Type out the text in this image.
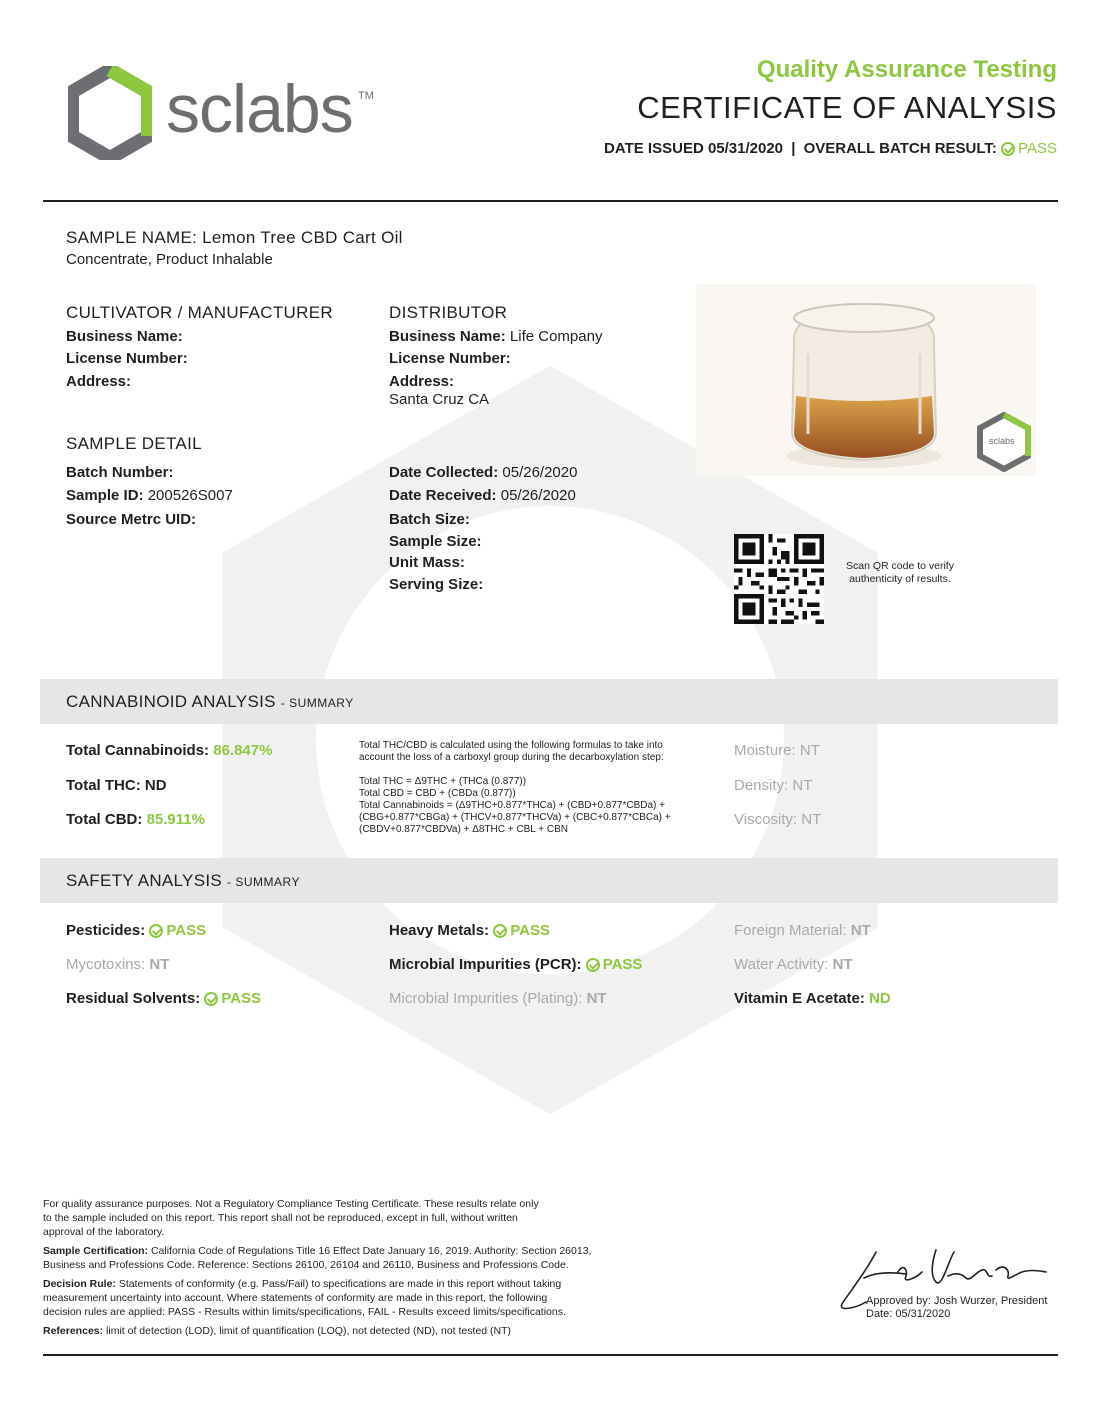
sclabs TM
Quality Assurance Testing
CERTIFICATE OF ANALYSIS
DATE ISSUED 05/31/2020 | OVERALL BATCH RESULT: PASS
SAMPLE NAME: Lemon Tree CBD Cart Oil
Concentrate, Product Inhalable
CULTIVATOR / MANUFACTURER
Business Name:
License Number:
Address:
DISTRIBUTOR
Business Name: Life Company
License Number:
Address:
Santa Cruz CA
sclabs
SAMPLE DETAIL
Batch Number:
Sample ID: 200526S007
Source Metrc UID:
Date Collected: 05/26/2020
Date Received: 05/26/2020
Batch Size:
Sample Size:
Unit Mass:
Serving Size:
Scan QR code to verify
authenticity of results.
CANNABINOID ANALYSIS - SUMMARY
Total Cannabinoids: 86.847%
Total THC: ND
Total CBD: 85.911%
Total THC/CBD is calculated using the following formulas to take into
account the loss of a carboxyl group during the decarboxylation step:
Total THC = Δ9THC + (THCa (0.877))
Total CBD = CBD + (CBDa (0.877))
Total Cannabinoids = (Δ9THC+0.877*THCa) + (CBD+0.877*CBDa) +
(CBG+0.877*CBGa) + (THCV+0.877*THCVa) + (CBC+0.877*CBCa) +
(CBDV+0.877*CBDVa) + Δ8THC + CBL + CBN
Moisture: NT
Density: NT
Viscosity: NT
SAFETY ANALYSIS - SUMMARY
Pesticides: PASS
Mycotoxins: NT
Residual Solvents: PASS
Heavy Metals: PASS
Microbial Impurities (PCR): PASS
Microbial Impurities (Plating): NT
Foreign Material: NT
Water Activity: NT
Vitamin E Acetate: ND
For quality assurance purposes. Not a Regulatory Compliance Testing Certificate. These results relate only
to the sample included on this report. This report shall not be reproduced, except in full, without written
approval of the laboratory.
Sample Certification: California Code of Regulations Title 16 Effect Date January 16, 2019. Authority: Section 26013,
Business and Professions Code. Reference: Sections 26100, 26104 and 26110, Business and Professions Code.
Decision Rule: Statements of conformity (e.g. Pass/Fail) to specifications are made in this report without taking
measurement uncertainty into account. Where statements of conformity are made in this report, the following
decision rules are applied: PASS - Results within limits/specifications, FAIL - Results exceed limits/specifications.
References: limit of detection (LOD), limit of quantification (LOQ), not detected (ND), not tested (NT)
Approved by: Josh Wurzer, President
Date: 05/31/2020
